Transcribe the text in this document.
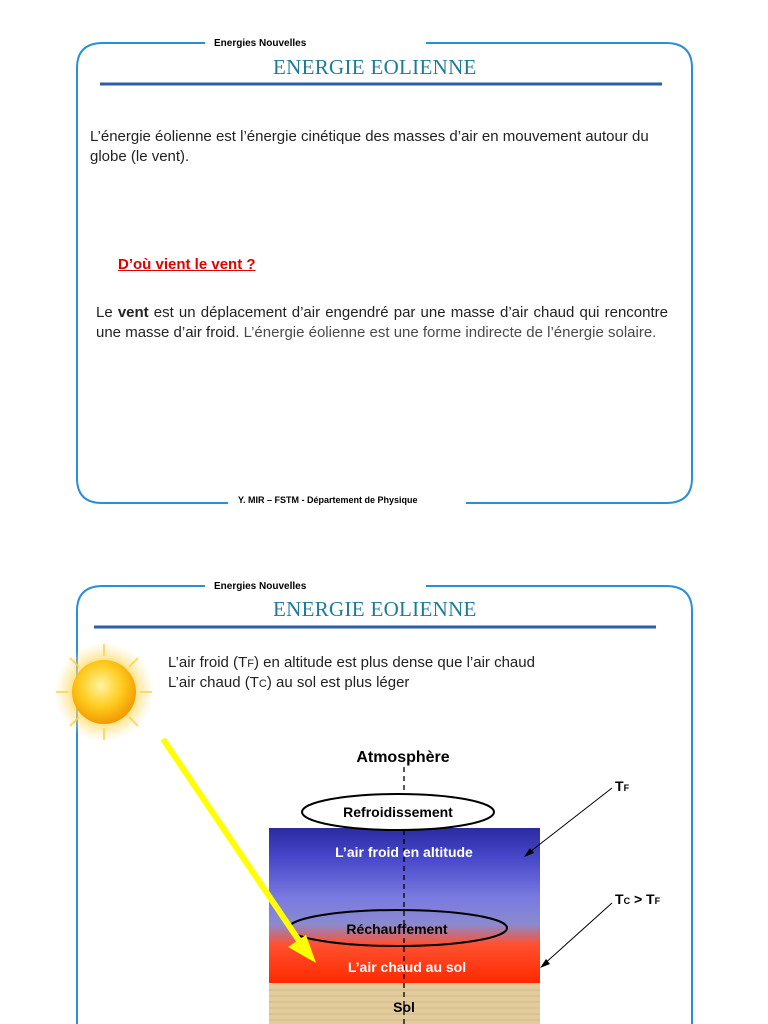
Energies Nouvelles
ENERGIE EOLIENNE
L’énergie éolienne est l’énergie cinétique des masses d’air en mouvement autour du globe (le vent).
D’où vient le vent ?
Le vent est un déplacement d’air engendré par une masse d’air chaud qui rencontre une masse d’air froid. L’énergie éolienne est une forme indirecte de l’énergie solaire.
Y. MIR – FSTM - Département de Physique
Energies Nouvelles
ENERGIE EOLIENNE
L’air froid (TF) en altitude est plus dense que l’air chaud
L’air chaud (TC) au sol est plus léger
Atmosphère
Refroidissement
L’air froid en altitude
Réchauffement
L’air chaud au sol
Sol
TF
TC > TF
